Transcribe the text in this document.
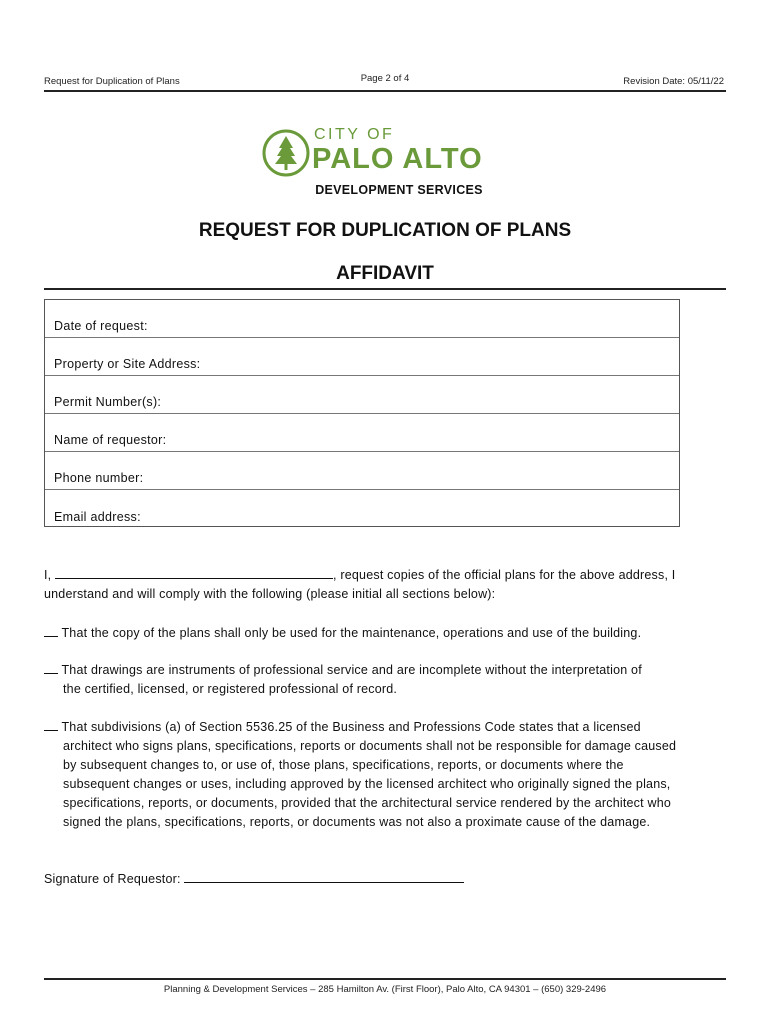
Request for Duplication of Plans	Page 2 of 4	Revision Date: 05/11/22
CITY OF
PALO ALTO
DEVELOPMENT SERVICES
REQUEST FOR DUPLICATION OF PLANS
AFFIDAVIT
Date of request:
Property or Site Address:
Permit Number(s):
Name of requestor:
Phone number:
Email address:
I,	, request copies of the official plans for the above address, I
understand and will comply with the following (please initial all sections below):
That the copy of the plans shall only be used for the maintenance, operations and use of the building.
That drawings are instruments of professional service and are incomplete without the interpretation of
the certified, licensed, or registered professional of record.
That subdivisions (a) of Section 5536.25 of the Business and Professions Code states that a licensed
architect who signs plans, specifications, reports or documents shall not be responsible for damage caused
by subsequent changes to, or use of, those plans, specifications, reports, or documents where the
subsequent changes or uses, including approved by the licensed architect who originally signed the plans,
specifications, reports, or documents, provided that the architectural service rendered by the architect who
signed the plans, specifications, reports, or documents was not also a proximate cause of the damage.
Signature of Requestor:
Planning & Development Services – 285 Hamilton Av. (First Floor), Palo Alto, CA 94301 – (650) 329-2496
